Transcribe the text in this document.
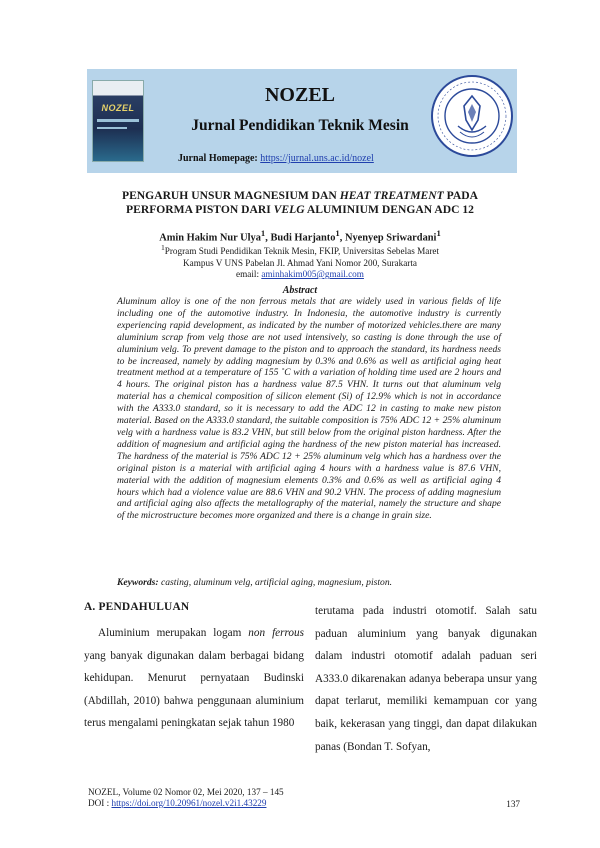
NOZEL
NOZEL
Jurnal Pendidikan Teknik Mesin
Jurnal Homepage: https://jurnal.uns.ac.id/nozel
PENGARUH UNSUR MAGNESIUM DAN HEAT TREATMENT PADA
PERFORMA PISTON DARI VELG ALUMINIUM DENGAN ADC 12
Amin Hakim Nur Ulya$^1$, Budi Harjanto$^1$, Nyenyep Sriwardani$^1$
$^1$Program Studi Pendidikan Teknik Mesin, FKIP, Universitas Sebelas Maret
Kampus V UNS Pabelan Jl. Ahmad Yani Nomor 200, Surakarta
email: aminhakim005@gmail.com
Abstract
Aluminum alloy is one of the non ferrous metals that are widely used in various fields of life including one of the automotive industry. In Indonesia, the automotive industry is currently experiencing rapid development, as indicated by the number of motorized vehicles.there are many aluminium scrap from velg those are not used intensively, so casting is done through the use of aluminium velg. To prevent damage to the piston and to approach the standard, its hardness needs to be increased, namely by adding magnesium by 0.3% and 0.6% as well as artificial aging heat treatment method at a temperature of 155 ˚C with a variation of holding time used are 2 hours and 4 hours. The original piston has a hardness value 87.5 VHN. It turns out that aluminum velg material has a chemical composition of silicon element (Si) of 12.9% which is not in accordance with the A333.0 standard, so it is necessary to add the ADC 12 in casting to make new piston material. Based on the A333.0 standard, the suitable composition is 75% ADC 12 + 25% aluminum velg with a hardness value is 83.2 VHN, but still below from the original piston hardness. After the addition of magnesium and artificial aging the hardness of the new piston material has increased. The hardness of the material is 75% ADC 12 + 25% aluminum velg which has a hardness over the original piston is a material with artificial aging 4 hours with a hardness value is 87.6 VHN, material with the addition of magnesium elements 0.3% and 0.6% as well as artificial aging 4 hours which had a violence value are 88.6 VHN and 90.2 VHN. The process of adding magnesium and artificial aging also affects the metallography of the material, namely the structure and shape of the microstructure becomes more organized and there is a change in grain size.
Keywords: casting, aluminum velg, artificial aging, magnesium, piston.
A. PENDAHULUAN
Aluminium merupakan logam non ferrous yang banyak digunakan dalam berbagai bidang kehidupan. Menurut pernyataan Budinski (Abdillah, 2010) bahwa penggunaan aluminium terus mengalami peningkatan sejak tahun 1980
terutama pada industri otomotif. Salah satu paduan aluminium yang banyak digunakan dalam industri otomotif adalah paduan seri A333.0 dikarenakan adanya beberapa unsur yang dapat terlarut, memiliki kemampuan cor yang baik, kekerasan yang tinggi, dan dapat dilakukan panas (Bondan T. Sofyan,
NOZEL, Volume 02 Nomor 02, Mei 2020, 137 – 145
DOI : https://doi.org/10.20961/nozel.v2i1.43229	137
